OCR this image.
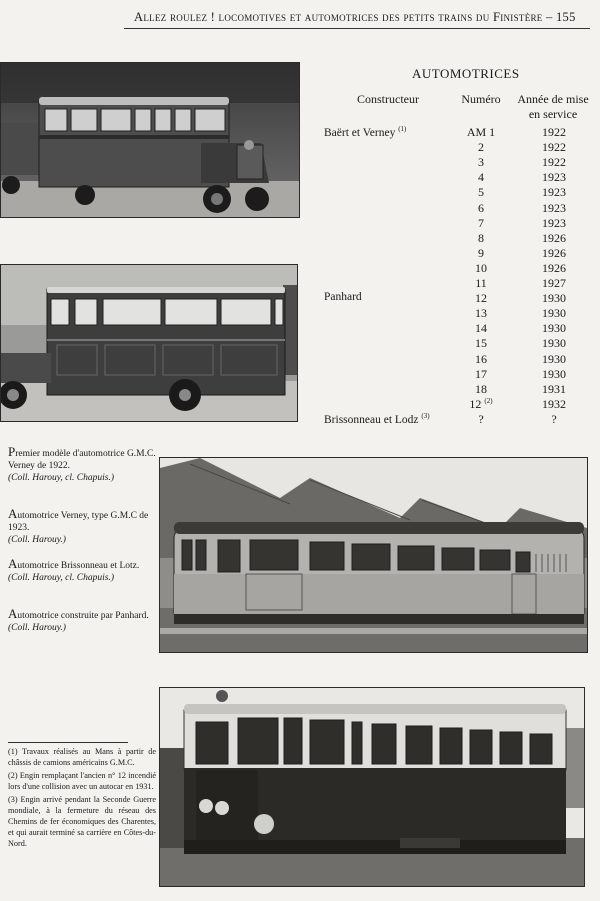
Allez roulez ! locomotives et automotrices des petits trains du Finistère – 155
AUTOMOTRICES
Constructeur	Numéro	Année de mise
en service
Baërt et Verney $^{(1)}$	AM 1	1922
2	1922
3	1922
4	1923
5	1923
6	1923
7	1923
8	1926
9	1926
10	1926
11	1927
Panhard	12	1930
13	1930
14	1930
15	1930
16	1930
17	1930
18	1931
12 $^{(2)}$	1932
Brissonneau et Lodz $^{(3)}$	?	?
Premier modèle d'automotrice G.M.C. Verney de 1922.
(Coll. Harouy, cl. Chapuis.)
Automotrice Verney, type G.M.C de 1923.
(Coll. Harouy.)
Automotrice Brissonneau et Lotz.
(Coll. Harouy, cl. Chapuis.)
Automotrice construite par Panhard.
(Coll. Harouy.)

(1) Travaux réalisés au Mans à partir de châssis de camions américains G.M.C.

(2) Engin remplaçant l'ancien n° 12 incendié lors d'une collision avec un autocar en 1931.

(3) Engin arrivé pendant la Seconde Guerre mondiale, à la fermeture du réseau des Chemins de fer économiques des Charentes, et qui aurait terminé sa carrière en Côtes-du-Nord.
